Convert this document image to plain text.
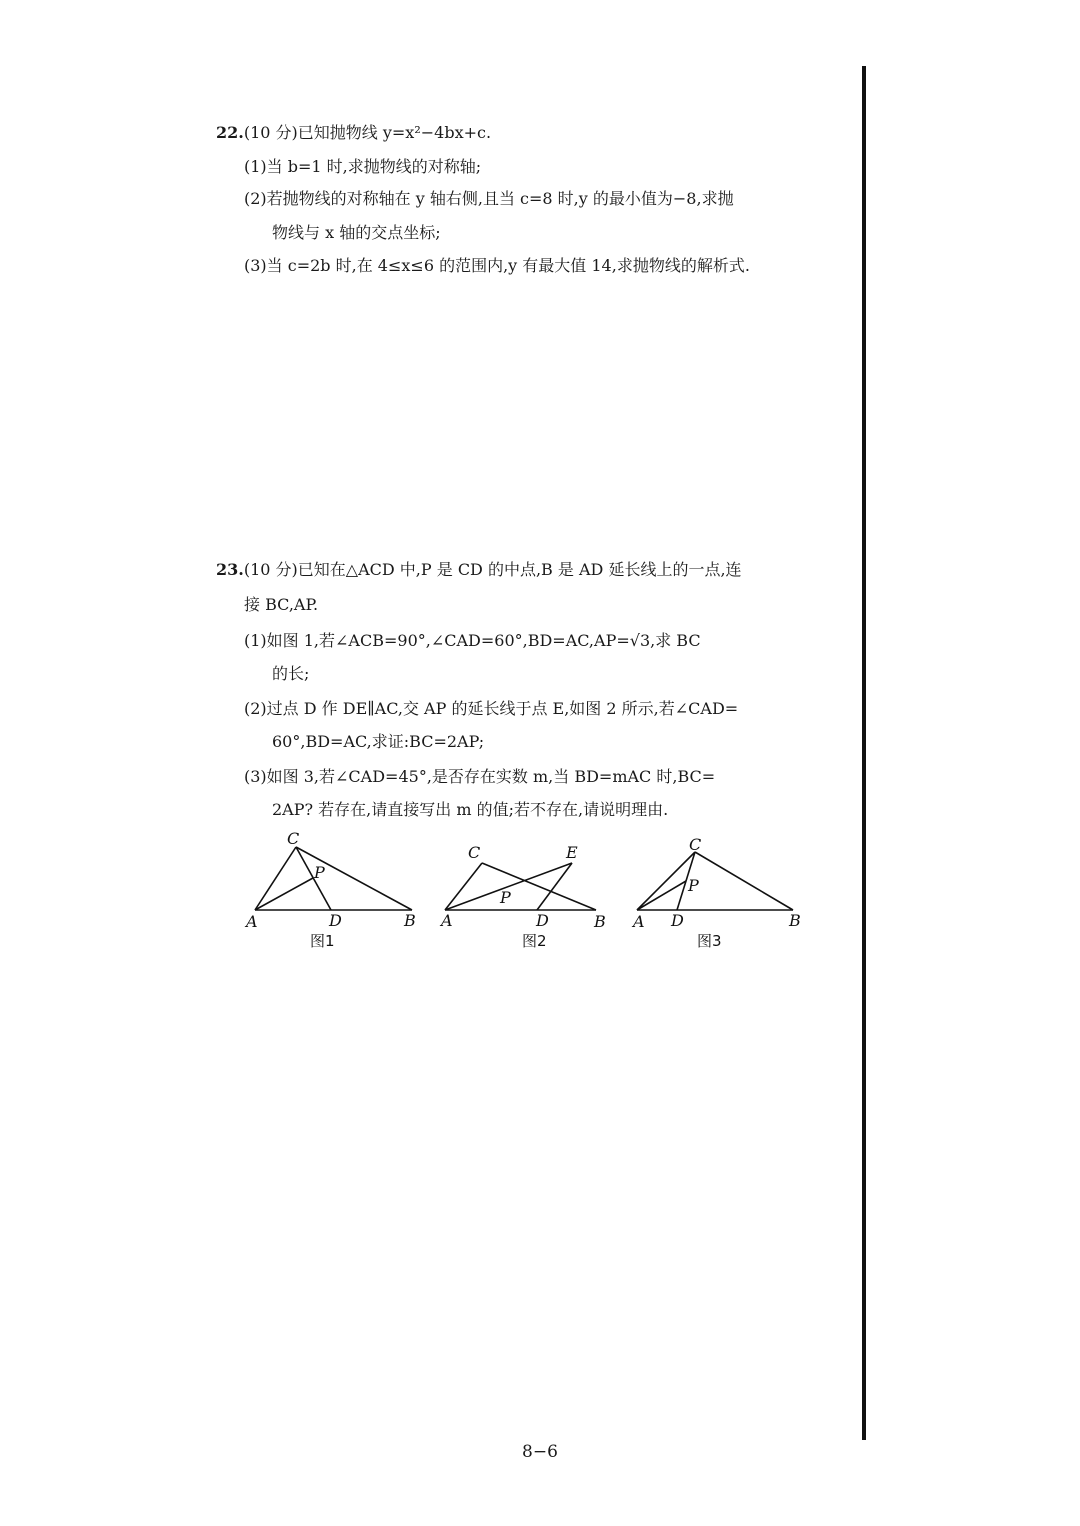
22.(10 分)已知抛物线 y=x²−4bx+c.
(1)当 b=1 时,求抛物线的对称轴;
(2)若抛物线的对称轴在 y 轴右侧,且当 c=8 时,y 的最小值为−8,求抛
物线与 x 轴的交点坐标;
(3)当 c=2b 时,在 4≤x≤6 的范围内,y 有最大值 14,求抛物线的解析式.
23.(10 分)已知在△ACD 中,P 是 CD 的中点,B 是 AD 延长线上的一点,连
接 BC,AP.
(1)如图 1,若∠ACB=90°,∠CAD=60°,BD=AC,AP=√3,求 BC
的长;
(2)过点 D 作 DE∥AC,交 AP 的延长线于点 E,如图 2 所示,若∠CAD=
60°,BD=AC,求证:BC=2AP;
(3)如图 3,若∠CAD=45°,是否存在实数 m,当 BD=mAC 时,BC=
2AP? 若存在,请直接写出 m 的值;若不存在,请说明理由.
A	B
C
D
P
图1
A	B
C
D
E
P
图2
A	B
C
D
P
图3
8−6
